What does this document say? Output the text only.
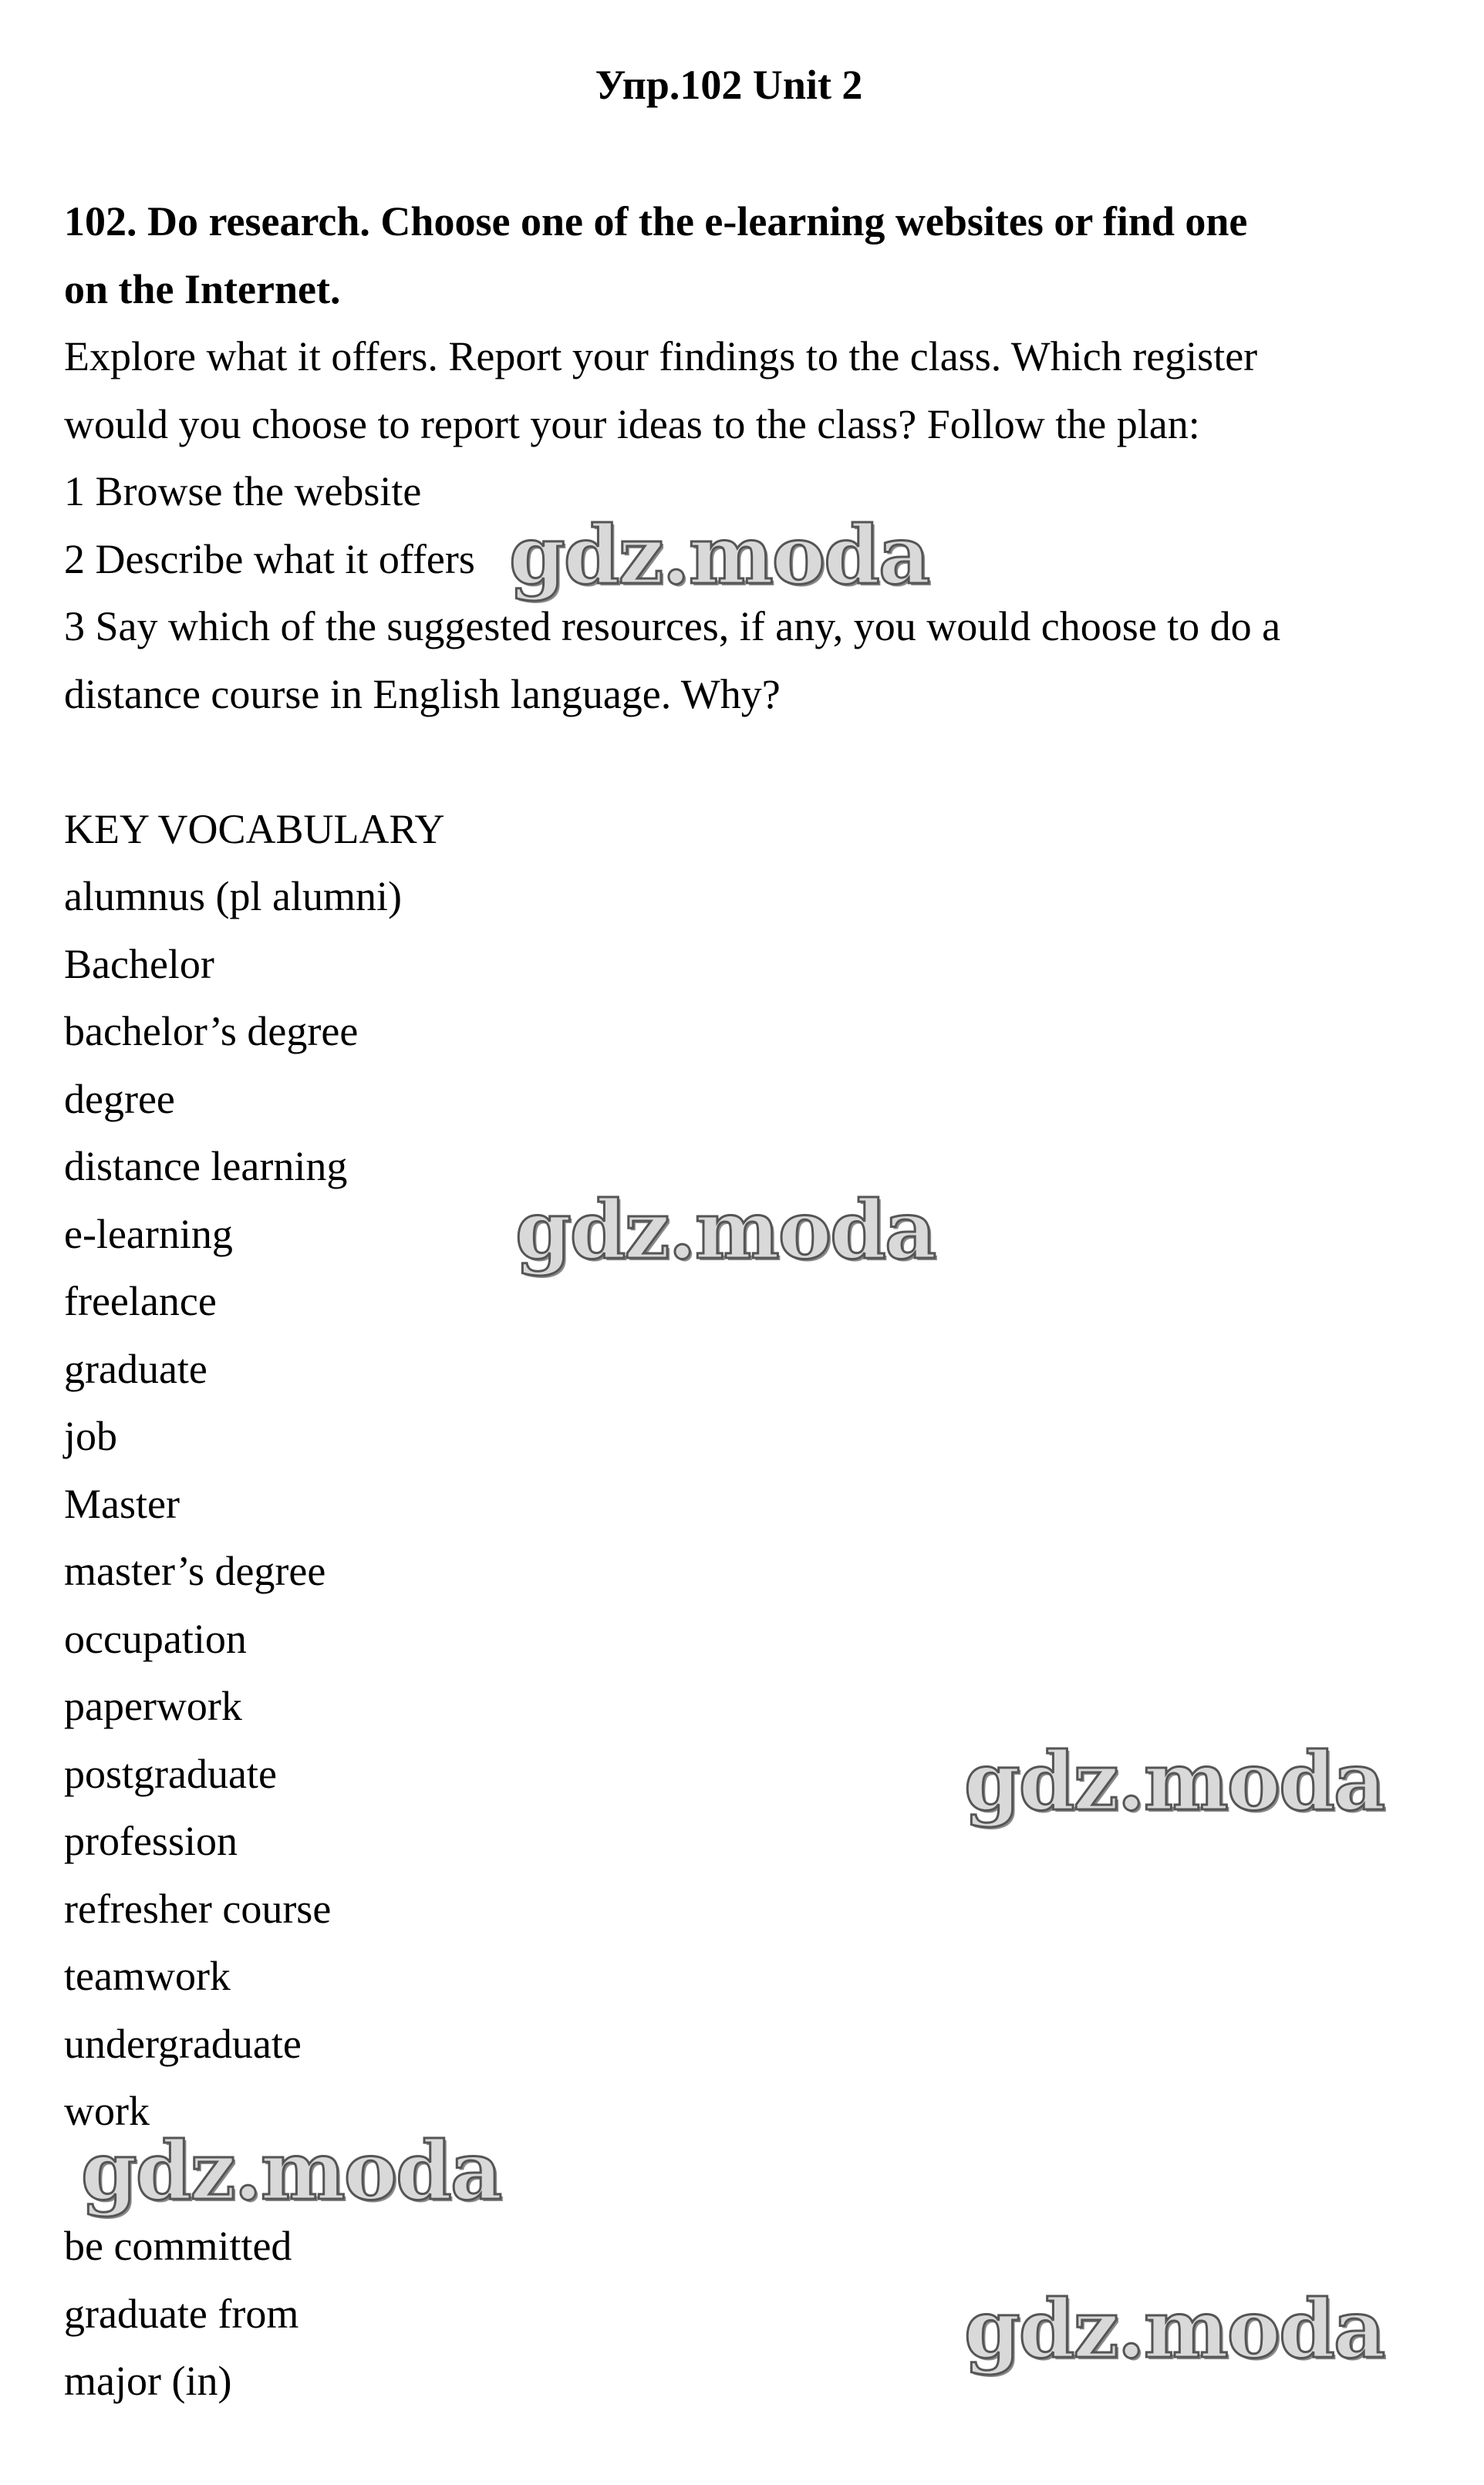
Упр.102 Unit 2
102. Do research. Choose one of the e-learning websites or find one
on the Internet.
Explore what it offers. Report your findings to the class. Which register
would you choose to report your ideas to the class? Follow the plan:
1 Browse the website
2 Describe what it offers
3 Say which of the suggested resources, if any, you would choose to do a
distance course in English language. Why?
KEY VOCABULARY
alumnus (pl alumni)
Bachelor
bachelor’s degree
degree
distance learning
e-learning
freelance
graduate
job
Master
master’s degree
occupation
paperwork
postgraduate
profession
refresher course
teamwork
undergraduate
work
be committed
graduate from
major (in)
gdz.moda
gdz.moda
gdz.moda
gdz.moda
gdz.moda
